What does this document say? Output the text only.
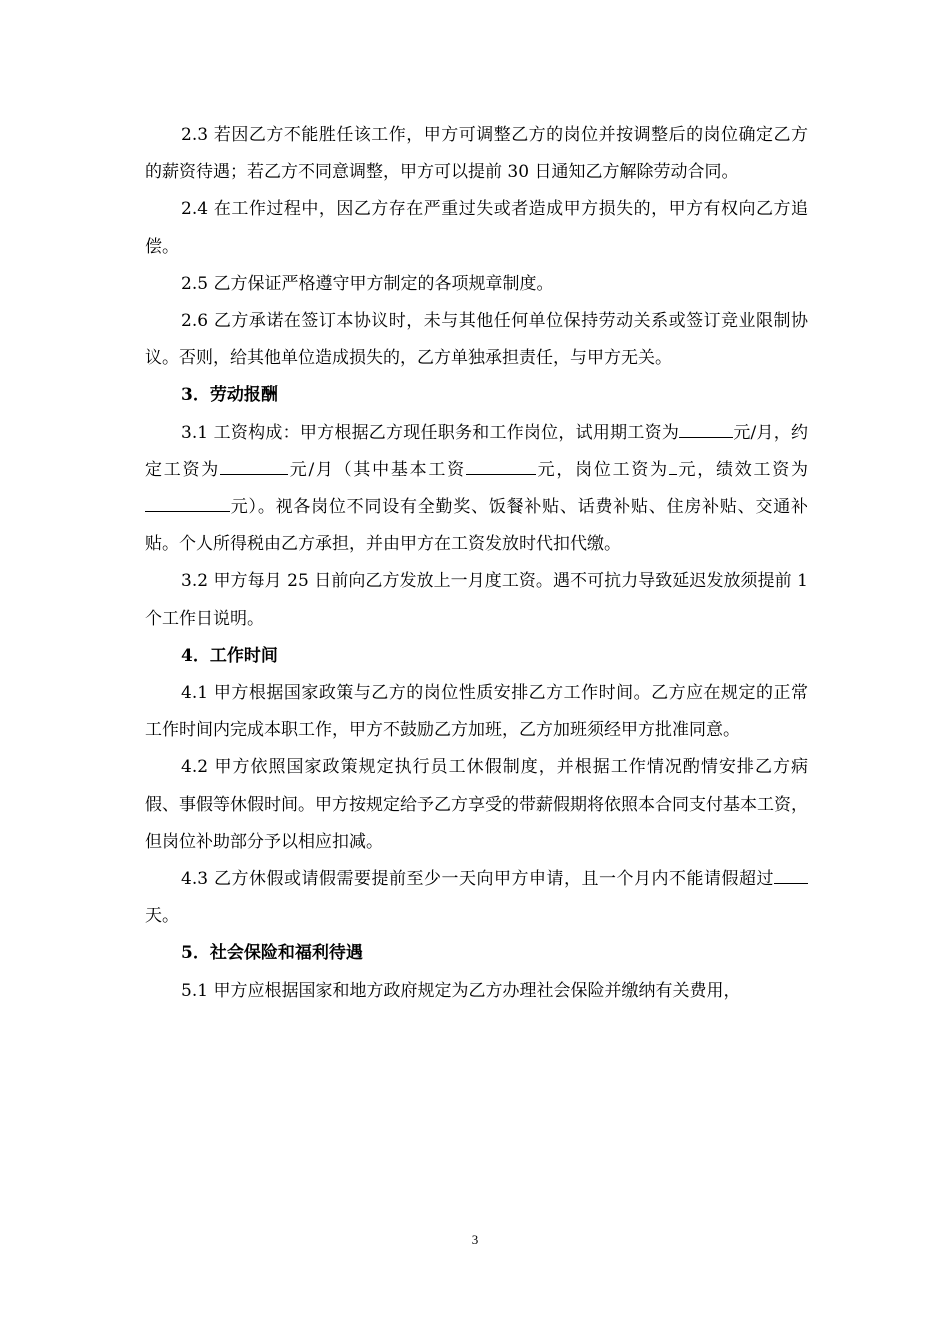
2.3 若因乙方不能胜任该工作，甲方可调整乙方的岗位并按调整后的岗位确定乙方的薪资待遇；若乙方不同意调整，甲方可以提前 30 日通知乙方解除劳动合同。

2.4 在工作过程中，因乙方存在严重过失或者造成甲方损失的，甲方有权向乙方追偿。

2.5 乙方保证严格遵守甲方制定的各项规章制度。

2.6 乙方承诺在签订本协议时，未与其他任何单位保持劳动关系或签订竞业限制协议。否则，给其他单位造成损失的，乙方单独承担责任，与甲方无关。

3．劳动报酬

3.1 工资构成：甲方根据乙方现任职务和工作岗位，试用期工资为	元/月，约定工资为	元/月（其中基本工资	元，岗位工资为 元，绩效工资为元）。视各岗位不同设有全勤奖、饭餐补贴、话费补贴、住房补贴、交通补贴。个人所得税由乙方承担，并由甲方在工资发放时代扣代缴。

3.2 甲方每月 25 日前向乙方发放上一月度工资。遇不可抗力导致延迟发放须提前 1 个工作日说明。

4．工作时间

4.1 甲方根据国家政策与乙方的岗位性质安排乙方工作时间。乙方应在规定的正常工作时间内完成本职工作，甲方不鼓励乙方加班，乙方加班须经甲方批准同意。

4.2 甲方依照国家政策规定执行员工休假制度，并根据工作情况酌情安排乙方病假、事假等休假时间。甲方按规定给予乙方享受的带薪假期将依照本合同支付基本工资，但岗位补助部分予以相应扣减。

4.3 乙方休假或请假需要提前至少一天向甲方申请，且一个月内不能请假超过天。

5．社会保险和福利待遇

5.1 甲方应根据国家和地方政府规定为乙方办理社会保险并缴纳有关费用，

3
